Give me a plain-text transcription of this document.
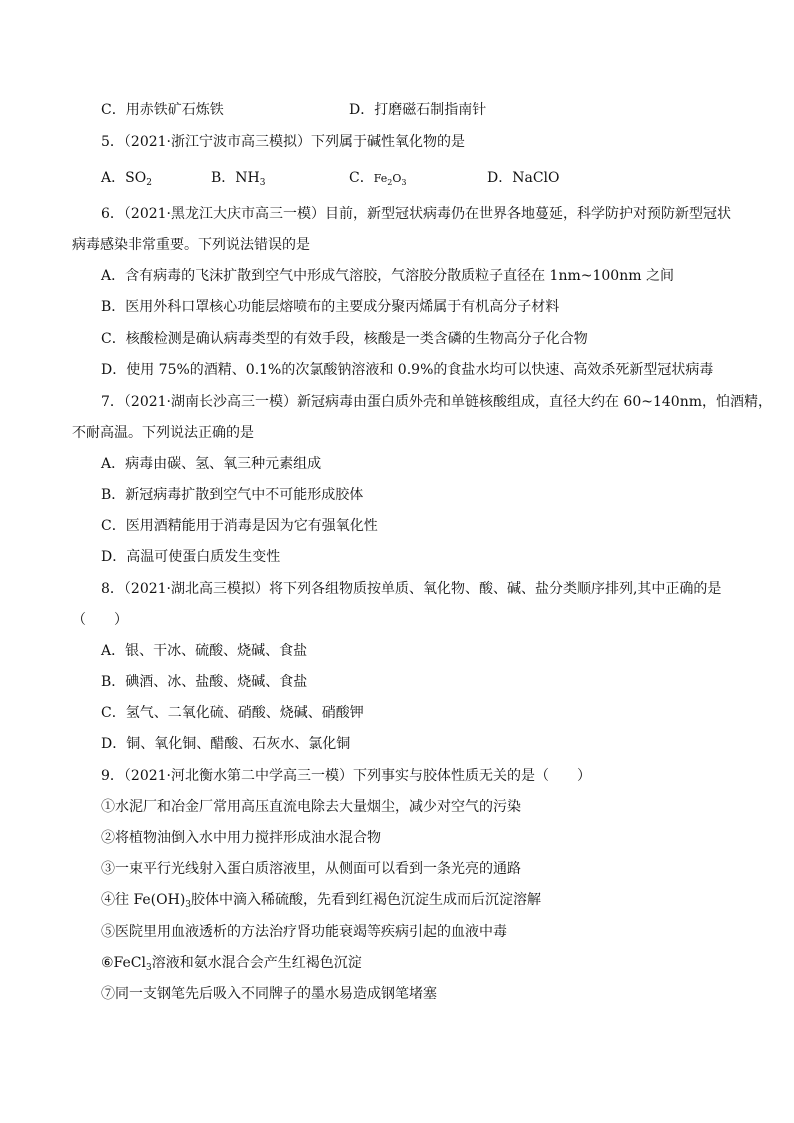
C．用赤铁矿石炼铁	D．打磨磁石制指南针
5．（2021·浙江宁波市高三模拟）下列属于碱性氧化物的是
A．$SO_2$	B．$NH_3$	C．$Fe_2O_3$	D．NaClO
6．（2021·黑龙江大庆市高三一模）目前，新型冠状病毒仍在世界各地蔓延，科学防护对预防新型冠状
病毒感染非常重要。下列说法错误的是
A．含有病毒的飞沫扩散到空气中形成气溶胶，气溶胶分散质粒子直径在 1nm~100nm 之间
B．医用外科口罩核心功能层熔喷布的主要成分聚丙烯属于有机高分子材料
C．核酸检测是确认病毒类型的有效手段，核酸是一类含磷的生物高分子化合物
D．使用 75%的酒精、0.1%的次氯酸钠溶液和 0.9%的食盐水均可以快速、高效杀死新型冠状病毒
7．（2021·湖南长沙高三一模）新冠病毒由蛋白质外壳和单链核酸组成，直径大约在 60~140nm，怕酒精，
不耐高温。下列说法正确的是
A．病毒由碳、氢、氧三种元素组成
B．新冠病毒扩散到空气中不可能形成胶体
C．医用酒精能用于消毒是因为它有强氧化性
D．高温可使蛋白质发生变性
8．（2021·湖北高三模拟）将下列各组物质按单质、氧化物、酸、碱、盐分类顺序排列,其中正确的是
（　　）
A．银、干冰、硫酸、烧碱、食盐
B．碘酒、冰、盐酸、烧碱、食盐
C．氢气、二氧化硫、硝酸、烧碱、硝酸钾
D．铜、氧化铜、醋酸、石灰水、氯化铜
9．（2021·河北衡水第二中学高三一模）下列事实与胶体性质无关的是（　　）
①水泥厂和冶金厂常用高压直流电除去大量烟尘，减少对空气的污染
②将植物油倒入水中用力搅拌形成油水混合物
③一束平行光线射入蛋白质溶液里，从侧面可以看到一条光亮的通路
④往 $Fe(OH)_3$胶体中滴入稀硫酸，先看到红褐色沉淀生成而后沉淀溶解
⑤医院里用血液透析的方法治疗肾功能衰竭等疾病引起的血液中毒
⑥FeCl$_3$溶液和氨水混合会产生红褐色沉淀
⑦同一支钢笔先后吸入不同牌子的墨水易造成钢笔堵塞
